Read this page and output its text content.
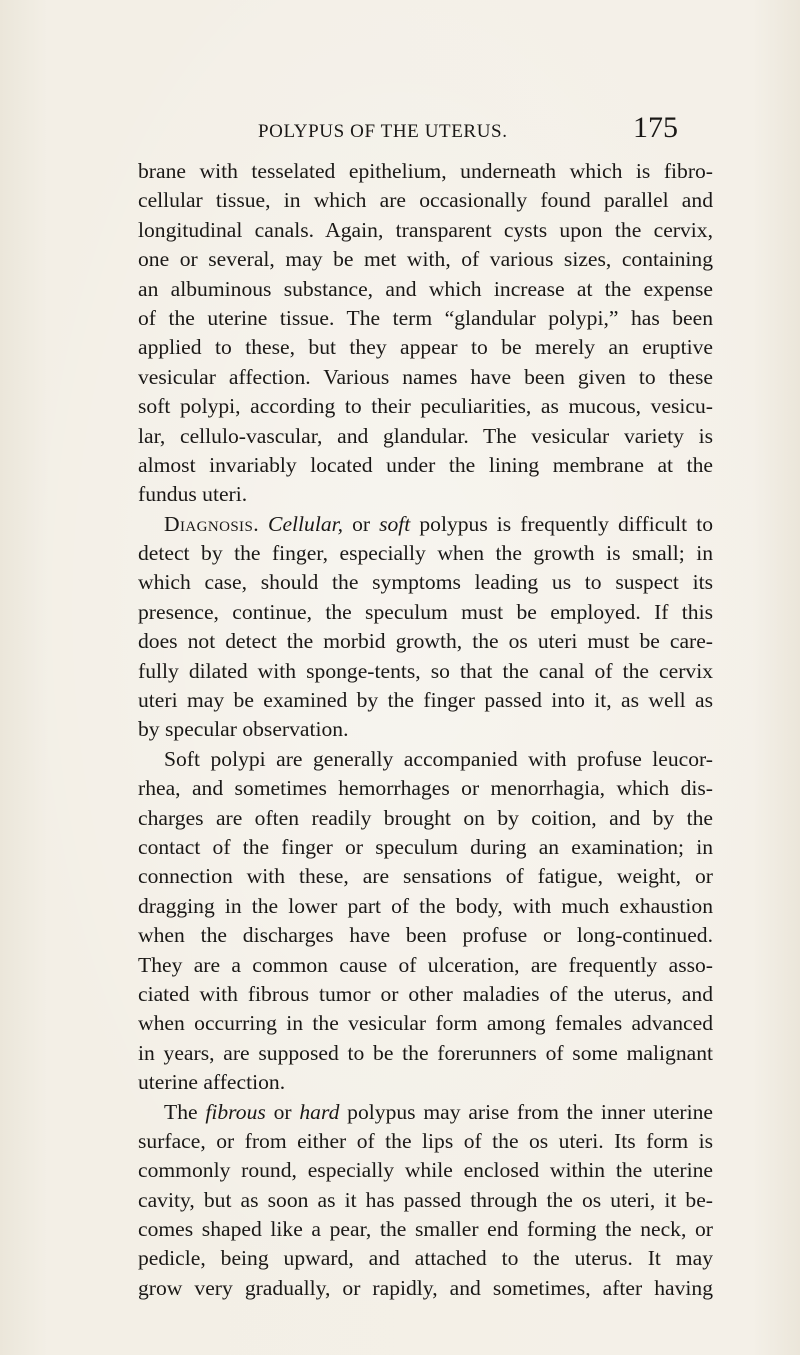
POLYPUS OF THE UTERUS.	175
brane with tesselated epithelium, underneath which is fibro-
cellular tissue, in which are occasionally found parallel and
longitudinal canals. Again, transparent cysts upon the cervix,
one or several, may be met with, of various sizes, containing
an albuminous substance, and which increase at the expense
of the uterine tissue. The term “glandular polypi,” has been
applied to these, but they appear to be merely an eruptive
vesicular affection. Various names have been given to these
soft polypi, according to their peculiarities, as mucous, vesicu-
lar, cellulo-vascular, and glandular. The vesicular variety is
almost invariably located under the lining membrane at the
fundus uteri.
Diagnosis. Cellular, or soft polypus is frequently difficult to
detect by the finger, especially when the growth is small; in
which case, should the symptoms leading us to suspect its
presence, continue, the speculum must be employed. If this
does not detect the morbid growth, the os uteri must be care-
fully dilated with sponge-tents, so that the canal of the cervix
uteri may be examined by the finger passed into it, as well as
by specular observation.
Soft polypi are generally accompanied with profuse leucor-
rhea, and sometimes hemorrhages or menorrhagia, which dis-
charges are often readily brought on by coition, and by the
contact of the finger or speculum during an examination; in
connection with these, are sensations of fatigue, weight, or
dragging in the lower part of the body, with much exhaustion
when the discharges have been profuse or long-continued.
They are a common cause of ulceration, are frequently asso-
ciated with fibrous tumor or other maladies of the uterus, and
when occurring in the vesicular form among females advanced
in years, are supposed to be the forerunners of some malignant
uterine affection.
The fibrous or hard polypus may arise from the inner uterine
surface, or from either of the lips of the os uteri. Its form is
commonly round, especially while enclosed within the uterine
cavity, but as soon as it has passed through the os uteri, it be-
comes shaped like a pear, the smaller end forming the neck, or
pedicle, being upward, and attached to the uterus. It may
grow very gradually, or rapidly, and sometimes, after having
